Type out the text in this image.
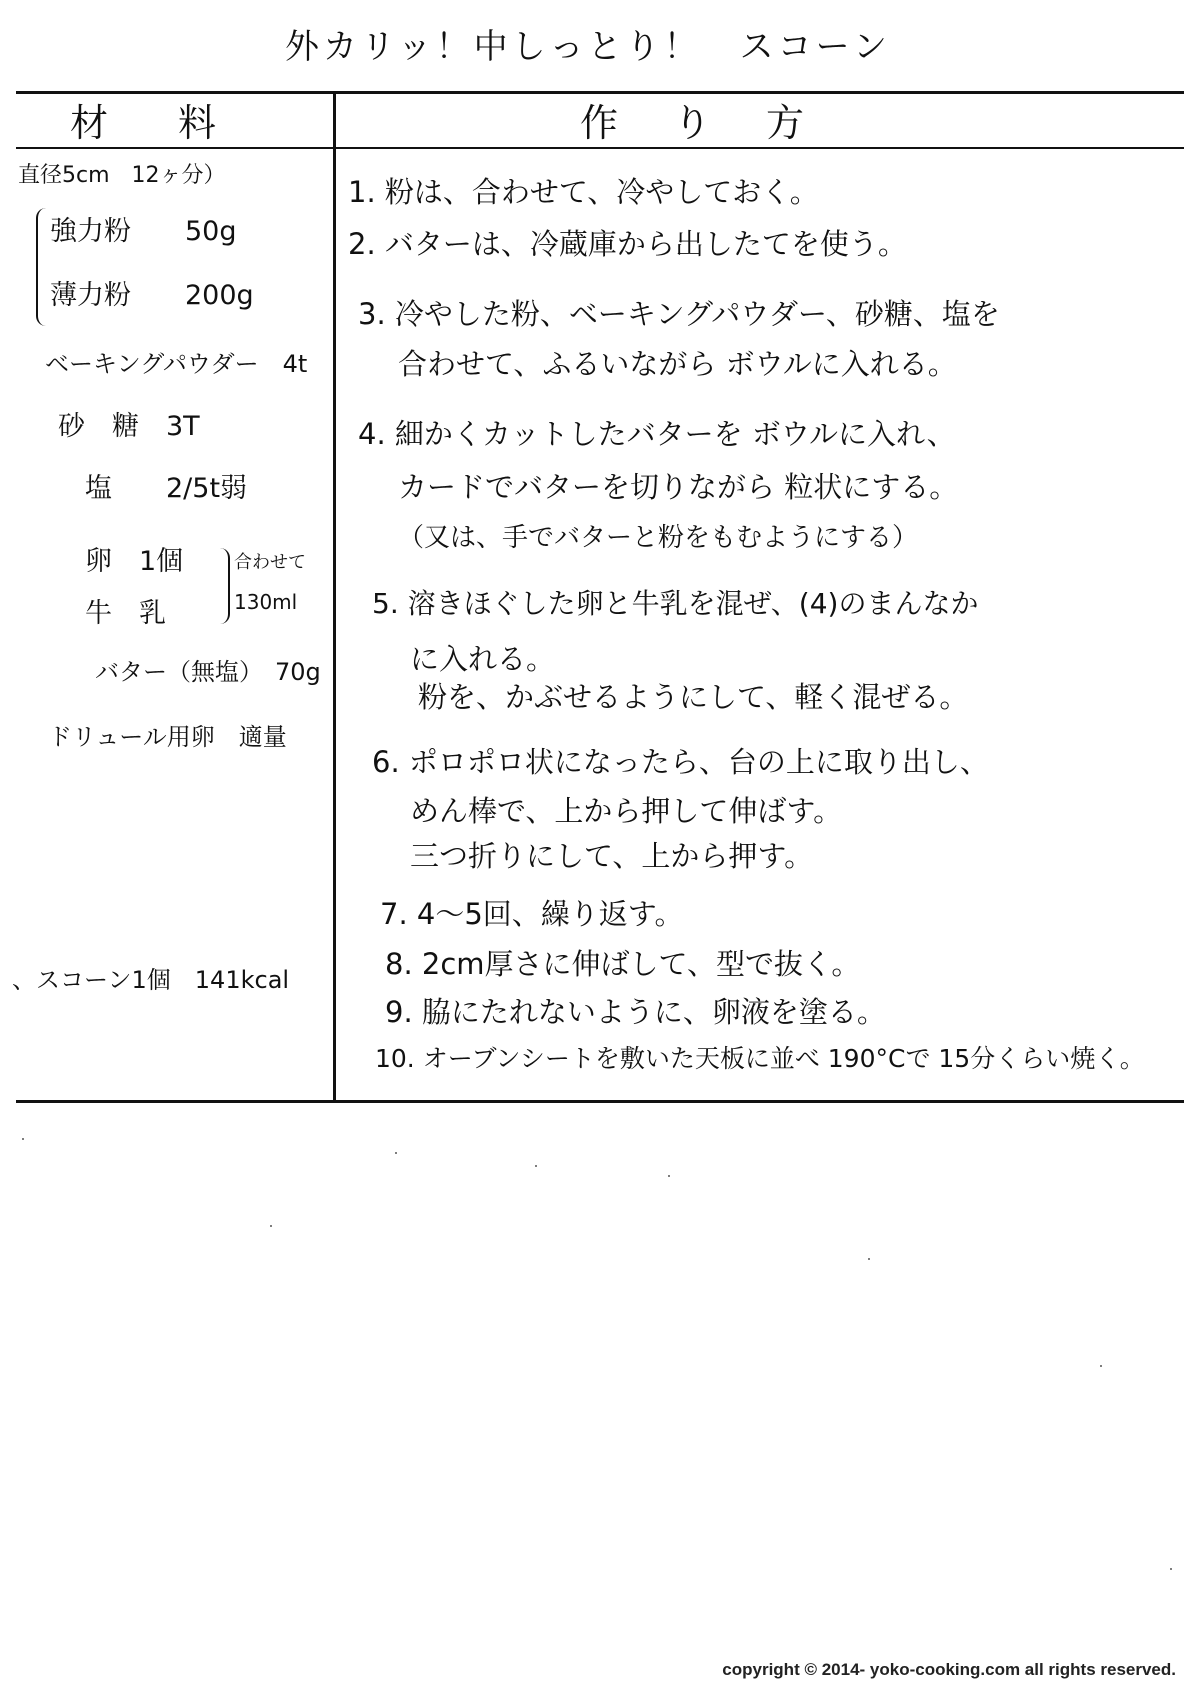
外カリッ！中しっとり！　スコーン
材料	作り方
直径5cm　12ヶ分）
強力粉　　50g
薄力粉　　200g
ベーキングパウダー　4t
砂　糖　3T
塩　　2/5t弱
卵　1個
牛　乳
合わせて
130ml
バター（無塩）　70g
ドリュール用卵　適量
、スコーン1個　141kcal
1. 粉は、合わせて、冷やしておく。
2. バターは、冷蔵庫から出したてを使う。
3. 冷やした粉、ベーキングパウダー、砂糖、塩を
合わせて、ふるいながら ボウルに入れる。
4. 細かくカットしたバターを ボウルに入れ、
カードでバターを切りながら 粒状にする。
（又は、手でバターと粉をもむようにする）
5. 溶きほぐした卵と牛乳を混ぜ、(4)のまんなか
に入れる。
粉を、かぶせるようにして、軽く混ぜる。
6. ポロポロ状になったら、台の上に取り出し、
めん棒で、上から押して伸ばす。
三つ折りにして、上から押す。
7. 4～5回、繰り返す。
8. 2cm厚さに伸ばして、型で抜く。
9. 脇にたれないように、卵液を塗る。
10. オーブンシートを敷いた天板に並べ 190°Cで 15分くらい焼く。
copyright © 2014- yoko-cooking.com all rights reserved.
